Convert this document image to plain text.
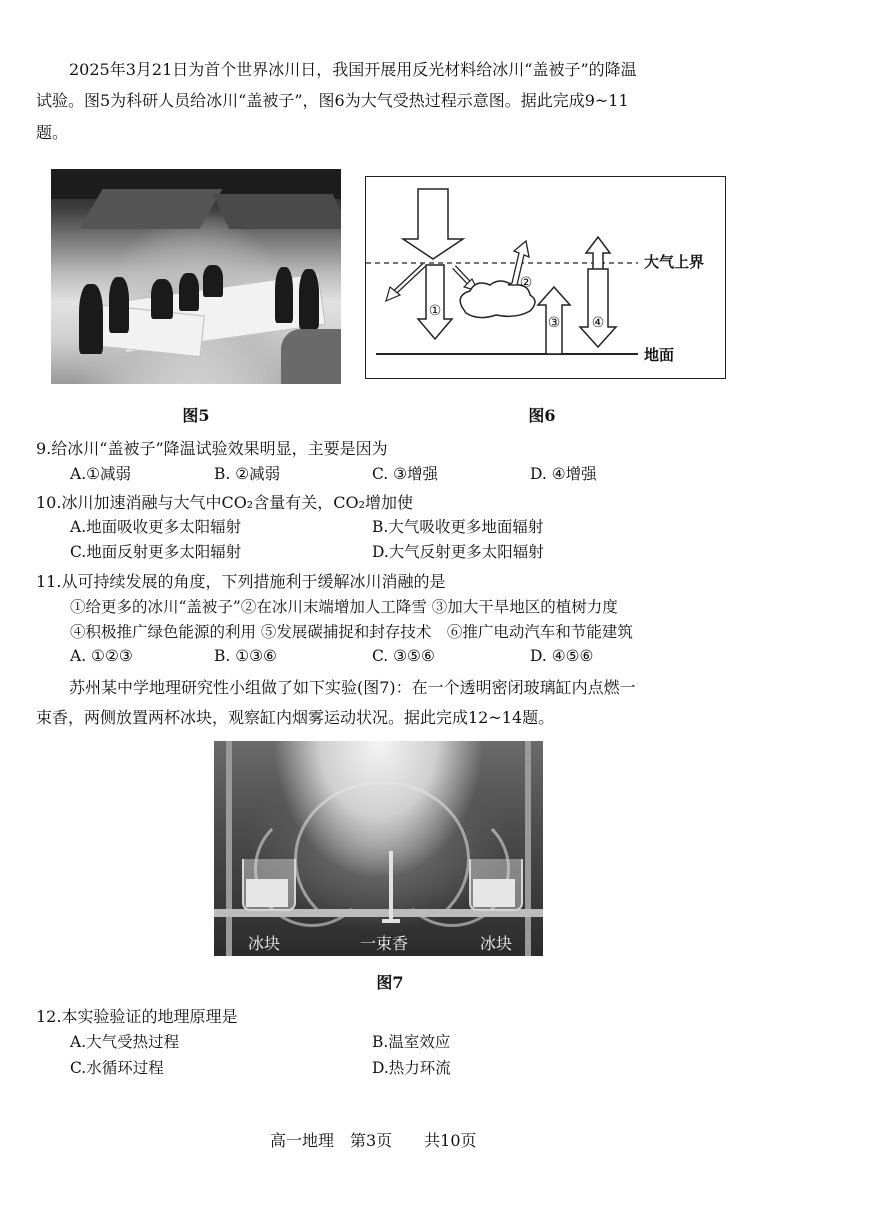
2025年3月21日为首个世界冰川日，我国开展用反光材料给冰川“盖被子”的降温
试验。图5为科研人员给冰川“盖被子”，图6为大气受热过程示意图。据此完成9~11
题。
图5
①
②
③ ④
大气上界
地面
图6
9.给冰川“盖被子”降温试验效果明显，主要是因为
A.①减弱	B. ②减弱	C. ③增强	D. ④增强
10.冰川加速消融与大气中CO₂含量有关，CO₂增加使
A.地面吸收更多太阳辐射	B.大气吸收更多地面辐射
C.地面反射更多太阳辐射	D.大气反射更多太阳辐射
11.从可持续发展的角度，下列措施利于缓解冰川消融的是
①给更多的冰川“盖被子”②在冰川末端增加人工降雪 ③加大干旱地区的植树力度
④积极推广绿色能源的利用 ⑤发展碳捕捉和封存技术　⑥推广电动汽车和节能建筑
A. ①②③	B. ①③⑥	C. ③⑤⑥	D. ④⑤⑥
苏州某中学地理研究性小组做了如下实验(图7)：在一个透明密闭玻璃缸内点燃一
束香，两侧放置两杯冰块，观察缸内烟雾运动状况。据此完成12~14题。
冰块	一束香	冰块
图7
12.本实验验证的地理原理是
A.大气受热过程	B.温室效应
C.水循环过程	D.热力环流
高一地理　第3页　　共10页
